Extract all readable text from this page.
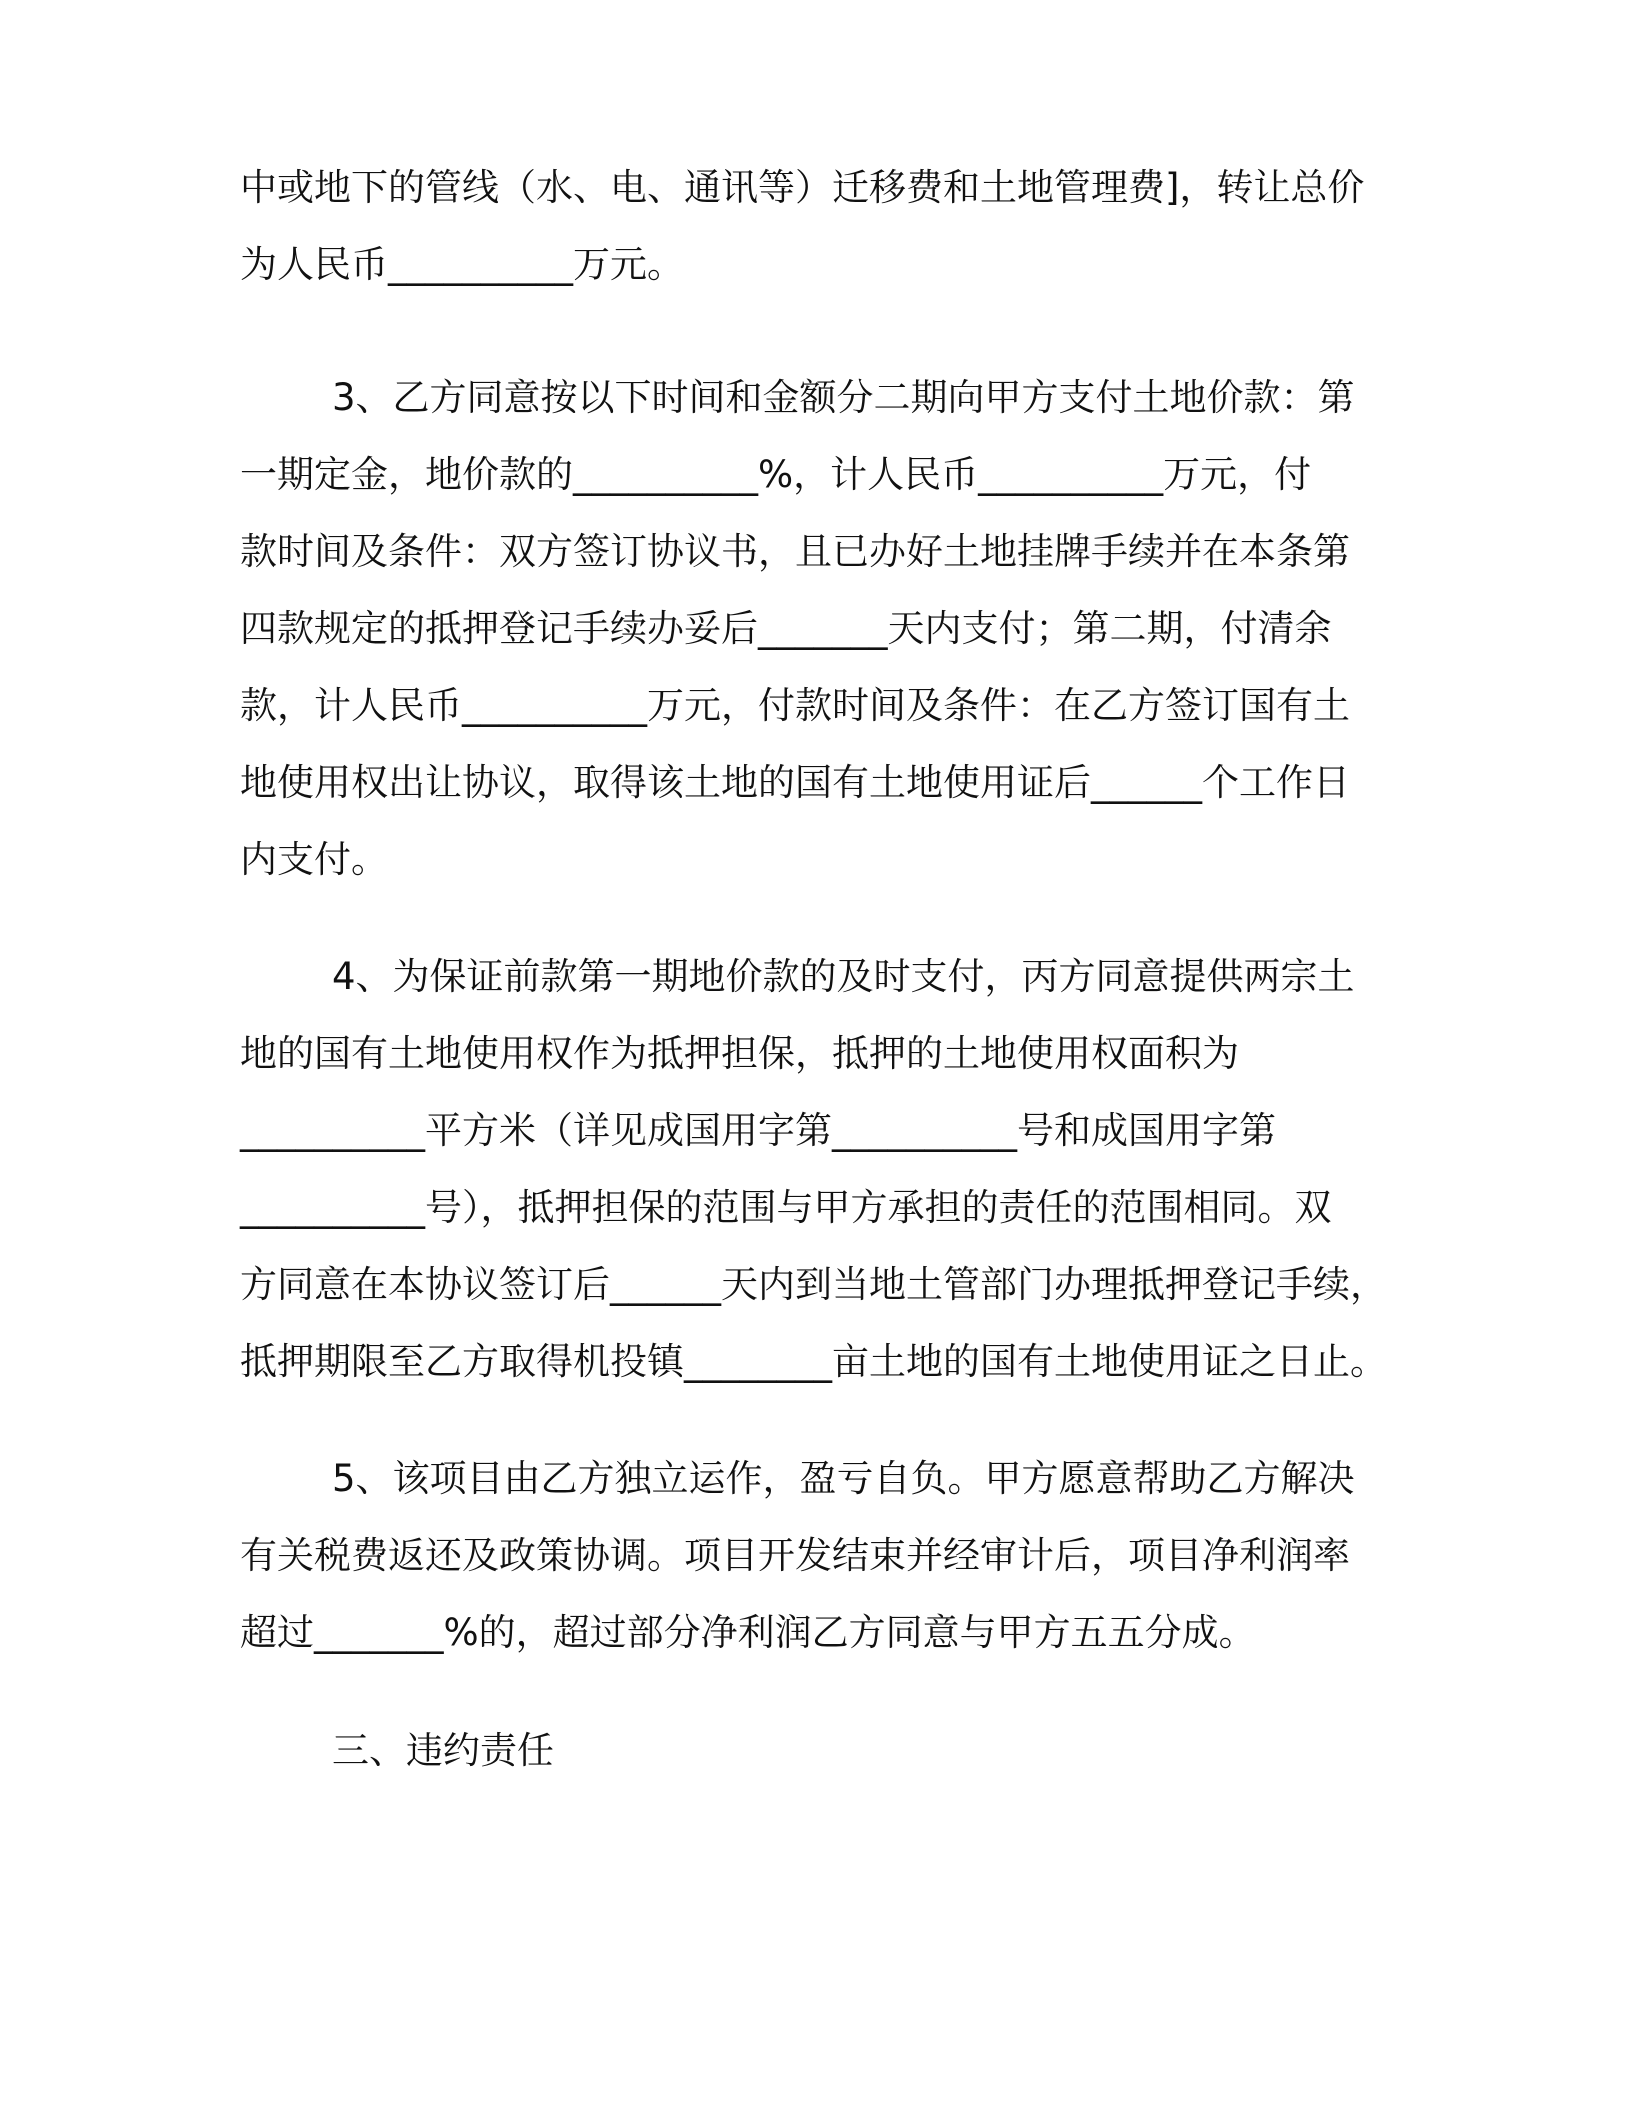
中或地下的管线（水、电、通讯等）迁移费和土地管理费]，转让总价
为人民币__________万元。
3、乙方同意按以下时间和金额分二期向甲方支付土地价款：第
一期定金，地价款的__________%，计人民币__________万元，付
款时间及条件：双方签订协议书，且已办好土地挂牌手续并在本条第
四款规定的抵押登记手续办妥后_______天内支付；第二期，付清余
款，计人民币__________万元，付款时间及条件：在乙方签订国有土
地使用权出让协议，取得该土地的国有土地使用证后______个工作日
内支付。
4、为保证前款第一期地价款的及时支付，丙方同意提供两宗土
地的国有土地使用权作为抵押担保，抵押的土地使用权面积为
__________平方米（详见成国用字第__________号和成国用字第
__________号），抵押担保的范围与甲方承担的责任的范围相同。双
方同意在本协议签订后______天内到当地土管部门办理抵押登记手续，
抵押期限至乙方取得机投镇________亩土地的国有土地使用证之日止。
5、该项目由乙方独立运作，盈亏自负。甲方愿意帮助乙方解决
有关税费返还及政策协调。项目开发结束并经审计后，项目净利润率
超过_______%的，超过部分净利润乙方同意与甲方五五分成。
三、违约责任
